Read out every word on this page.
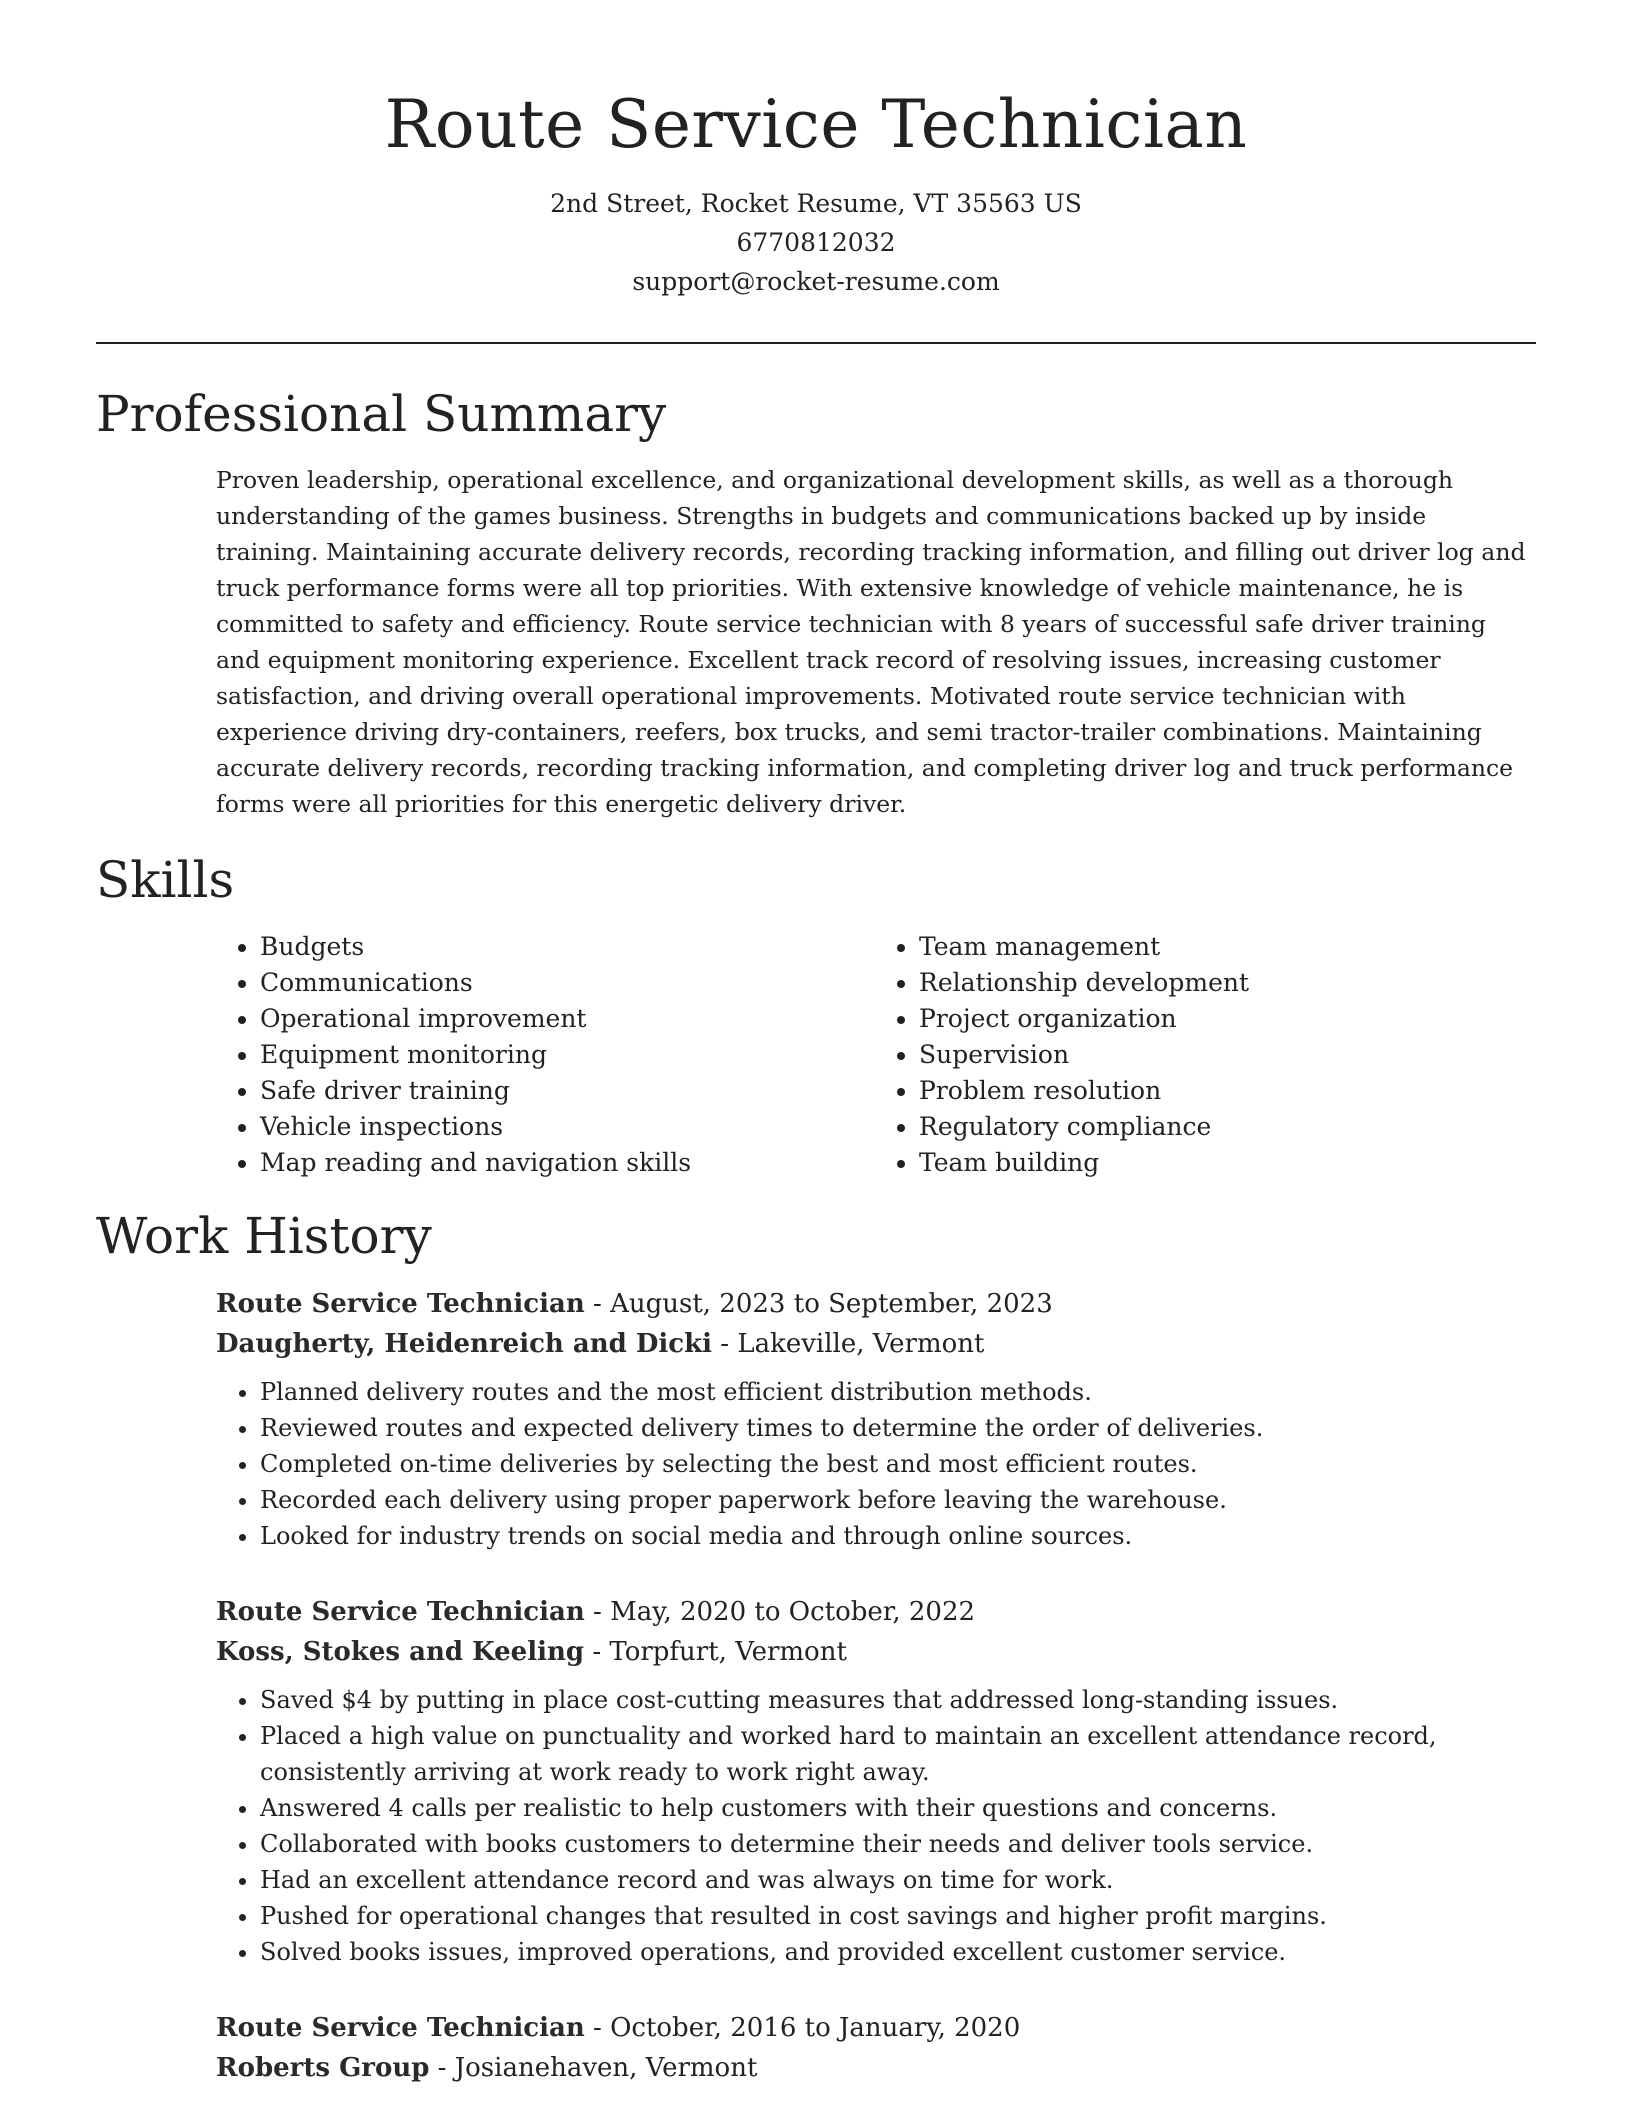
Route Service Technician

2nd Street, Rocket Resume, VT 35563 US

6770812032

support@rocket-resume.com

Professional Summary

Proven leadership, operational excellence, and organizational development skills, as well as a thorough understanding of the games business. Strengths in budgets and communications backed up by inside training. Maintaining accurate delivery records, recording tracking information, and filling out driver log and truck performance forms were all top priorities. With extensive knowledge of vehicle maintenance, he is committed to safety and efficiency. Route service technician with 8 years of successful safe driver training and equipment monitoring experience. Excellent track record of resolving issues, increasing customer satisfaction, and driving overall operational improvements. Motivated route service technician with experience driving dry-containers, reefers, box trucks, and semi tractor-trailer combinations. Maintaining accurate delivery records, recording tracking information, and completing driver log and truck performance forms were all priorities for this energetic delivery driver.

Skills
• Budgets
• Communications
• Operational improvement
• Equipment monitoring
• Safe driver training
• Vehicle inspections
• Map reading and navigation skills
• Team management
• Relationship development
• Project organization
• Supervision
• Problem resolution
• Regulatory compliance
• Team building
Work History

Route Service Technician - August, 2023 to September, 2023

Daugherty, Heidenreich and Dicki - Lakeville, Vermont

• Planned delivery routes and the most efficient distribution methods.
• Reviewed routes and expected delivery times to determine the order of deliveries.
• Completed on-time deliveries by selecting the best and most efficient routes.
• Recorded each delivery using proper paperwork before leaving the warehouse.
• Looked for industry trends on social media and through online sources.

Route Service Technician - May, 2020 to October, 2022

Koss, Stokes and Keeling - Torpfurt, Vermont

• Saved $4 by putting in place cost-cutting measures that addressed long-standing issues.
• Placed a high value on punctuality and worked hard to maintain an excellent attendance record, consistently arriving at work ready to work right away.
• Answered 4 calls per realistic to help customers with their questions and concerns.
• Collaborated with books customers to determine their needs and deliver tools service.
• Had an excellent attendance record and was always on time for work.
• Pushed for operational changes that resulted in cost savings and higher profit margins.
• Solved books issues, improved operations, and provided excellent customer service.

Route Service Technician - October, 2016 to January, 2020

Roberts Group - Josianehaven, Vermont
